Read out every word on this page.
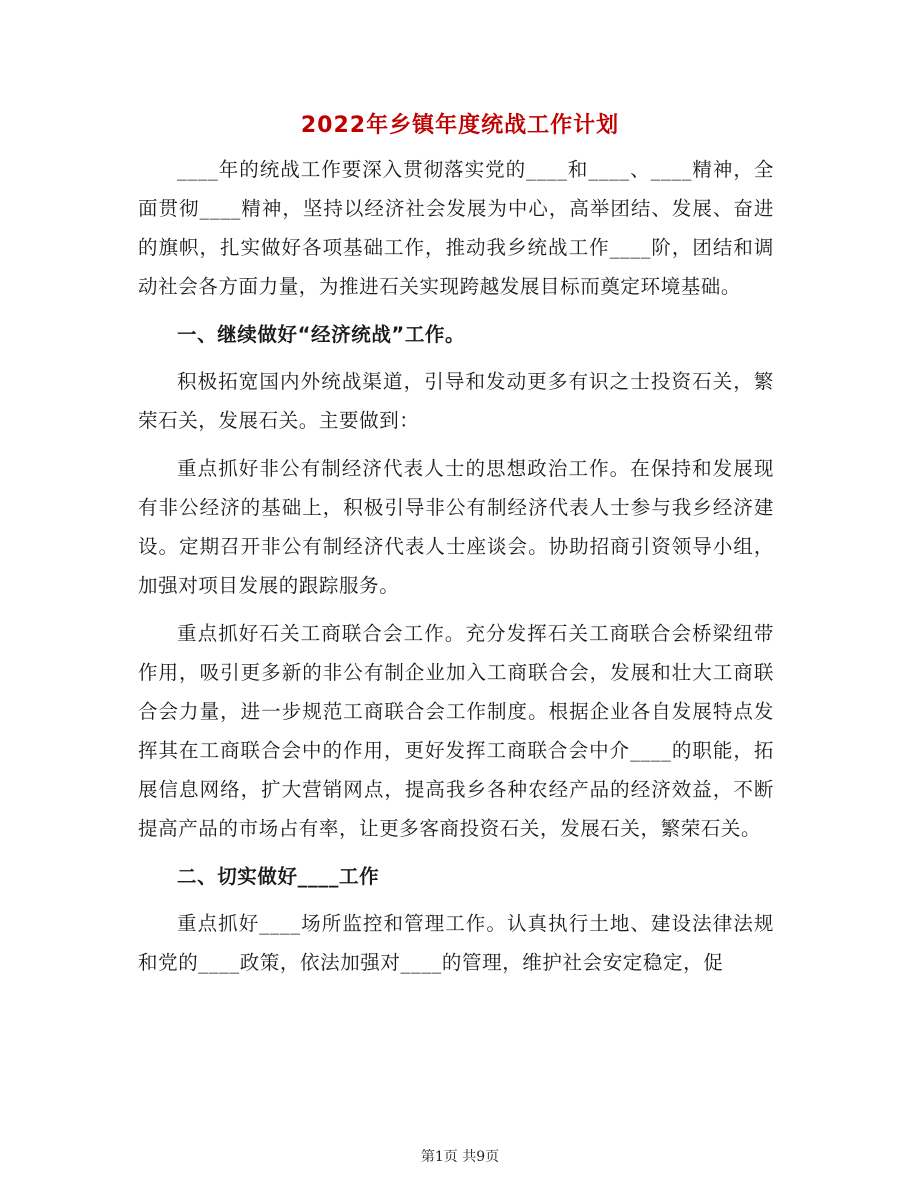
2022年乡镇年度统战工作计划

____年的统战工作要深入贯彻落实党的____和____、____精神，全面贯彻____精神，坚持以经济社会发展为中心，高举团结、发展、奋进的旗帜，扎实做好各项基础工作，推动我乡统战工作____阶，团结和调动社会各方面力量，为推进石关实现跨越发展目标而奠定环境基础。

一、继续做好“经济统战”工作。

积极拓宽国内外统战渠道，引导和发动更多有识之士投资石关，繁荣石关，发展石关。主要做到：

重点抓好非公有制经济代表人士的思想政治工作。在保持和发展现有非公经济的基础上，积极引导非公有制经济代表人士参与我乡经济建设。定期召开非公有制经济代表人士座谈会。协助招商引资领导小组，加强对项目发展的跟踪服务。

重点抓好石关工商联合会工作。充分发挥石关工商联合会桥梁纽带作用，吸引更多新的非公有制企业加入工商联合会，发展和壮大工商联合会力量，进一步规范工商联合会工作制度。根据企业各自发展特点发挥其在工商联合会中的作用，更好发挥工商联合会中介____的职能，拓展信息网络，扩大营销网点，提高我乡各种农经产品的经济效益，不断提高产品的市场占有率，让更多客商投资石关，发展石关，繁荣石关。

二、切实做好____工作

重点抓好____场所监控和管理工作。认真执行土地、建设法律法规和党的____政策，依法加强对____的管理，维护社会安定稳定，促

第1页 共9页
